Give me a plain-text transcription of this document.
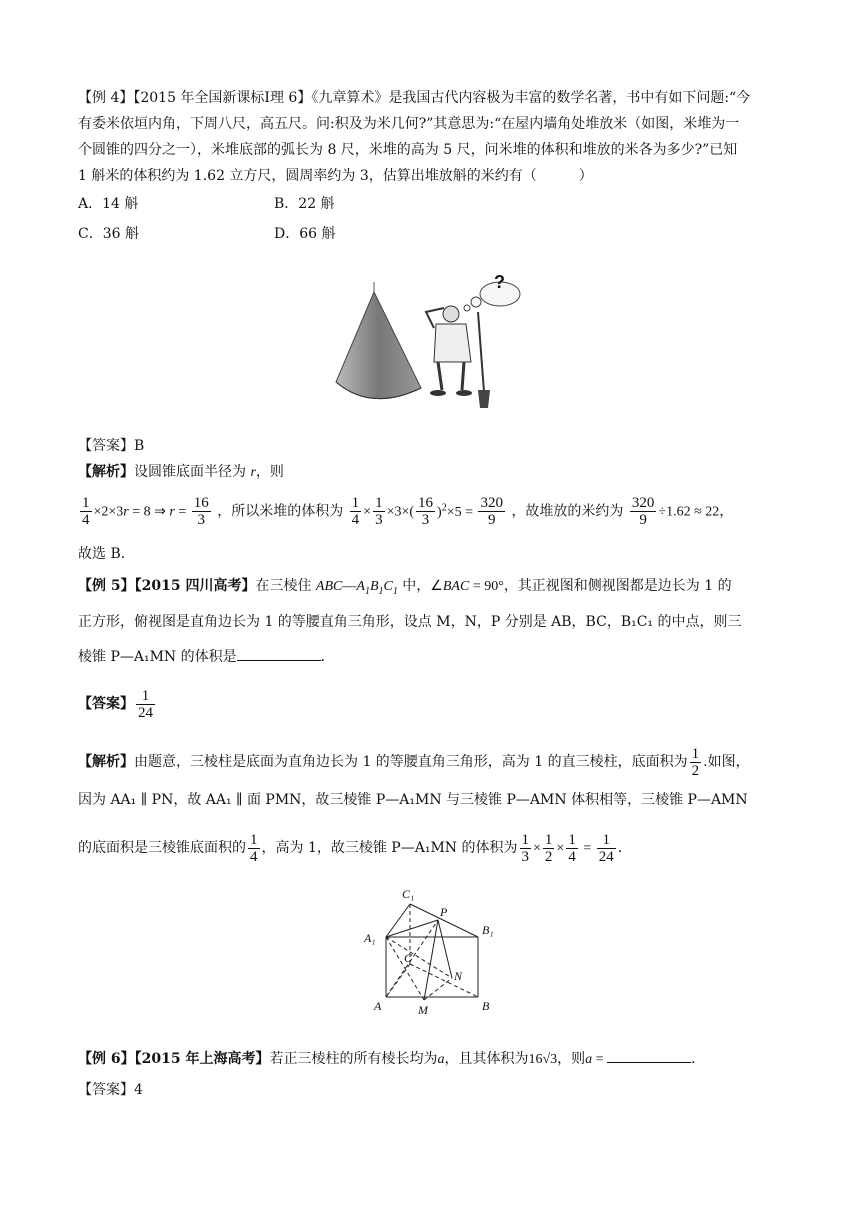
【例 4】【2015 年全国新课标Ⅰ理 6】《九章算术》是我国古代内容极为丰富的数学名著，书中有如下问题:“今
有委米依垣内角，下周八尺，高五尺。问:积及为米几何?”其意思为:“在屋内墙角处堆放米（如图，米堆为一
个圆锥的四分之一），米堆底部的弧长为 8 尺，米堆的高为 5 尺，问米堆的体积和堆放的米各为多少?”已知
1 斛米的体积约为 1.62 立方尺，圆周率约为 3，估算出堆放斛的米约有（　　　）
A．14 斛	B．22 斛
C．36 斛	D．66 斛
?
【答案】B
【解析】设圆锥底面半径为 r，则
$\frac{1}{4} \times 2\times 3r = 8$ ⇒ $r = \frac{16}{3}$ ，所以米堆的体积为 $\frac{1}{4} \times \frac{1}{3} \times 3\times( \frac{16}{3} )^2\times 5 = \frac{320}{9}$ ，故堆放的米约为 $\frac{320}{9} \div 1.62 \approx 22$，
故选 B．
【例 5】【2015 四川高考】在三棱住 $ABC—A_1B_1C_1$ 中，∠BAC = 90°，其正视图和侧视图都是边长为 1 的
正方形，俯视图是直角边长为 1 的等腰直角三角形，设点 M，N，P 分别是 AB，BC，B₁C₁ 的中点，则三
棱锥 P—A₁MN 的体积是	．
【答案】 $\frac{1}{24}$
【解析】由题意，三棱柱是底面为直角边长为 1 的等腰直角三角形，高为 1 的直三棱柱，底面积为 $\frac{1}{2}$ .如图，
因为 AA₁ ∥ PN，故 AA₁ ∥ 面 PMN，故三棱锥 P—A₁MN 与三棱锥 P—AMN 体积相等，三棱锥 P—AMN
的底面积是三棱锥底面积的 $\frac{1}{4}$ ，高为 1，故三棱锥 P—A₁MN 的体积为 $\frac{1}{3} \times \frac{1}{2} \times \frac{1}{4} = \frac{1}{24}$ ．
C₁
P
A₁
B₁
C
N
A	M	B
【例 6】【2015 年上海高考】若正三棱柱的所有棱长均为a，且其体积为16√3，则a =	．
【答案】4
